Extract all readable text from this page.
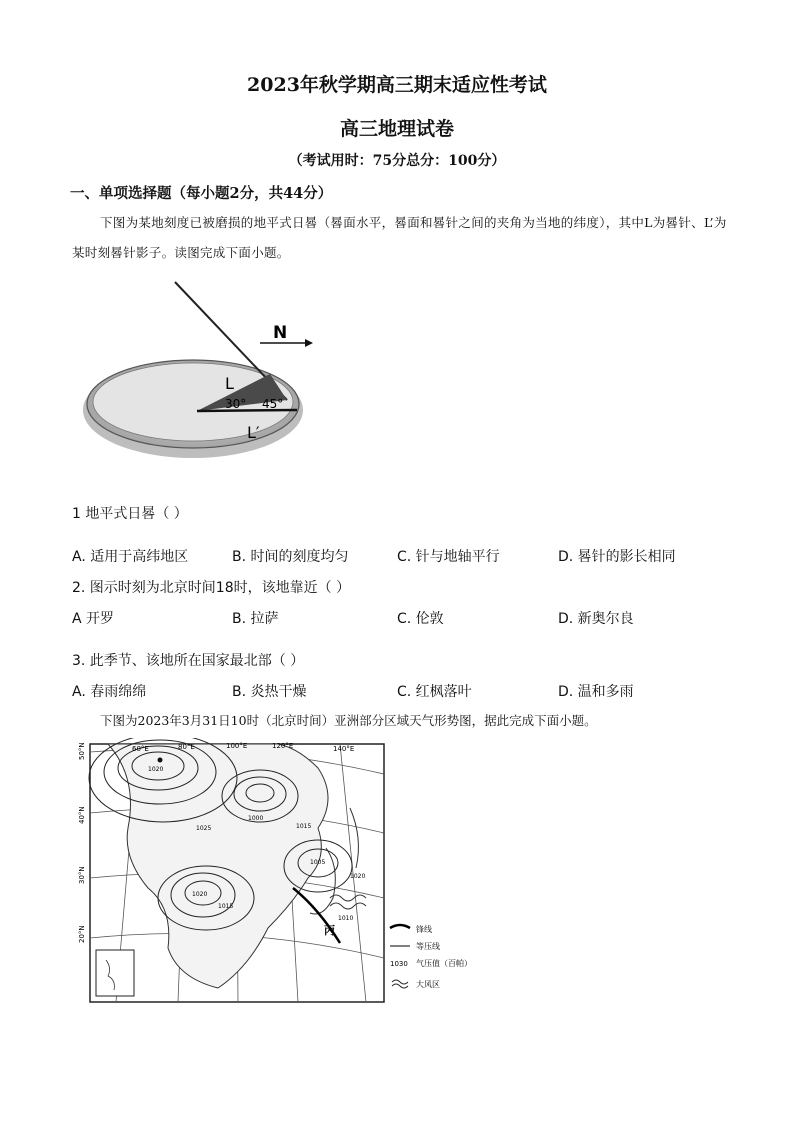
2023年秋学期高三期末适应性考试
高三地理试卷
（考试用时：75分总分：100分）
一、单项选择题（每小题2分，共44分）
下图为某地刻度已被磨损的地平式日晷（晷面水平，晷面和晷针之间的夹角为当地的纬度），其中L为晷针、L’为某时刻晷针影子。读图完成下面小题。
N
L
30° 45°
L′
1 地平式日晷（ ）
A. 适用于高纬地区	B. 时间的刻度均匀	C. 针与地轴平行	D. 晷针的影长相同
2. 图示时刻为北京时间18时，该地靠近（ ）
A 开罗	B. 拉萨	C. 伦敦	D. 新奥尔良
3. 此季节、该地所在国家最北部（ ）
A. 春雨绵绵	B. 炎热干燥	C. 红枫落叶	D. 温和多雨
下图为2023年3月31日10时（北京时间）亚洲部分区域天气形势图，据此完成下面小题。
60°E	80°E	100°E	120°E	140°E
50°N
40°N
30°N
20°N
1020
1025
1000
1015
1020
1005
1015
1010
1020
丙	锋线
等压线
1030 气压值（百帕）
大风区
